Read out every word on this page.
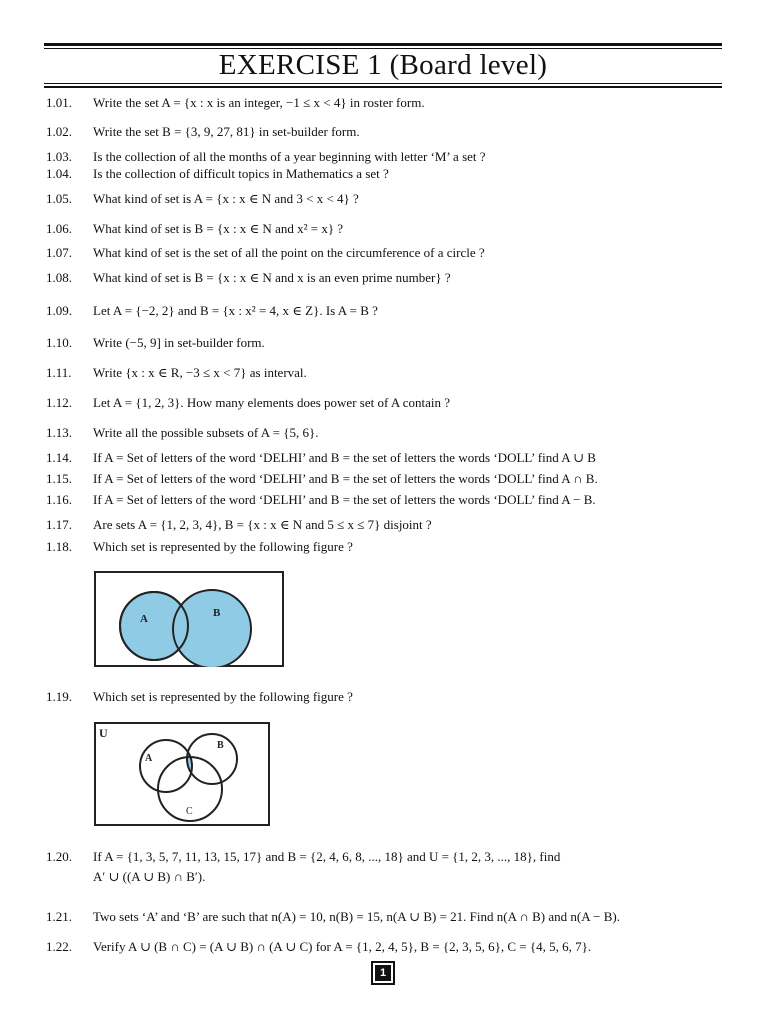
EXERCISE 1 (Board level)
1.01. Write the set A = {x : x is an integer, −1 ≤ x < 4} in roster form.
1.02. Write the set B = {3, 9, 27, 81} in set-builder form.
1.03. Is the collection of all the months of a year beginning with letter ‘M’ a set ?
1.04. Is the collection of difficult topics in Mathematics a set ?
1.05. What kind of set is A = {x : x ∈ N and 3 < x < 4} ?
1.06. What kind of set is B = {x : x ∈ N and x² = x} ?
1.07. What kind of set is the set of all the point on the circumference of a circle ?
1.08. What kind of set is B = {x : x ∈ N and x is an even prime number} ?
1.09. Let A = {−2, 2} and B = {x : x² = 4, x ∈ Z}. Is A = B ?
1.10. Write (−5, 9] in set-builder form.
1.11. Write {x : x ∈ R, −3 ≤ x < 7} as interval.
1.12. Let A = {1, 2, 3}. How many elements does power set of A contain ?
1.13. Write all the possible subsets of A = {5, 6}.
1.14. If A = Set of letters of the word ‘DELHI’ and B = the set of letters the words ‘DOLL’ find A ∪ B
1.15. If A = Set of letters of the word ‘DELHI’ and B = the set of letters the words ‘DOLL’ find A ∩ B.
1.16. If A = Set of letters of the word ‘DELHI’ and B = the set of letters the words ‘DOLL’ find A − B.
1.17. Are sets A = {1, 2, 3, 4}, B = {x : x ∈ N and 5 ≤ x ≤ 7} disjoint ?
1.18. Which set is represented by the following figure ?
A	B
1.19. Which set is represented by the following figure ?
U
A
B
C
1.20. If A = {1, 3, 5, 7, 11, 13, 15, 17} and B = {2, 4, 6, 8, ..., 18} and U = {1, 2, 3, ..., 18}, find
A′ ∪ ((A ∪ B) ∩ B′).
1.21. Two sets ‘A’ and ‘B’ are such that n(A) = 10, n(B) = 15, n(A ∪ B) = 21. Find n(A ∩ B) and n(A − B).
1.22. Verify A ∪ (B ∩ C) = (A ∪ B) ∩ (A ∪ C) for A = {1, 2, 4, 5}, B = {2, 3, 5, 6}, C = {4, 5, 6, 7}.
1
